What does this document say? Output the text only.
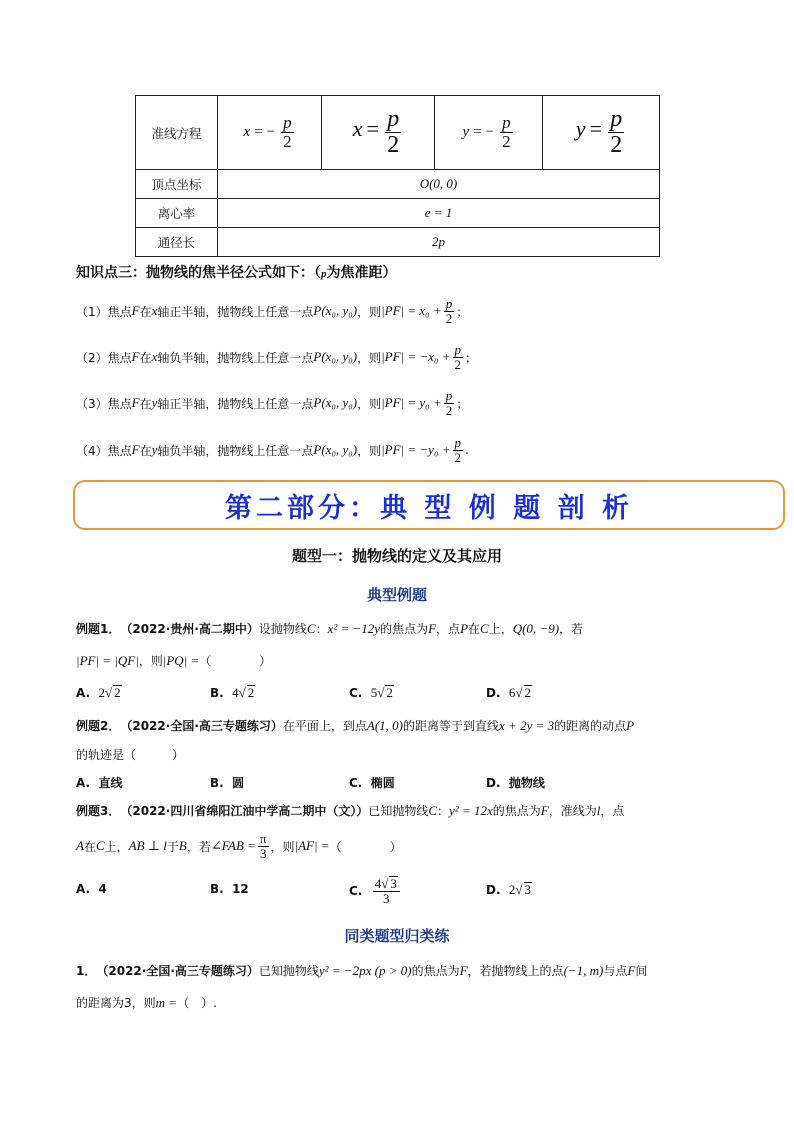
准线方程	x = − $\frac{p}{2}$	$x = \frac{p}{2}$	y = − $\frac{p}{2}$	$y = \frac{p}{2}$

顶点坐标	O(0, 0)			
离心率	e = 1			
通径长	2p			
知识点三：抛物线的焦半径公式如下：（p为焦准距）
（1）焦点 F 在 x 轴正半轴，抛物线上任意一点 P(x₀, y₀) ，则 $|PF| = x_0 + \frac{p}{2}$ ；
（2）焦点 F 在 x 轴负半轴，抛物线上任意一点 P(x₀, y₀) ，则 $|PF| = -x_0 + \frac{p}{2}$ ；
（3）焦点 F 在 y 轴正半轴，抛物线上任意一点 P(x₀, y₀) ，则 $|PF| = y_0 + \frac{p}{2}$ ；
（4）焦点 F 在 y 轴负半轴，抛物线上任意一点 P(x₀, y₀) ，则 $|PF| = -y_0 + \frac{p}{2}$ .
第二部分：典 型 例 题 剖 析
题型一：抛物线的定义及其应用
典型例题
例题1． （2022·贵州·高二期中） 设抛物线 C ： x² = −12y 的焦点为 F ，点 P 在 C 上， Q(0, −9) ，若
|PF| = |QF| ，则 |PQ| = （　　　　）
A.
2 √ 2	B.
4 √ 2	C.
5 √ 2	D.
6 √ 2
例题2． （2022·全国·高三专题练习） 在平面上，到点 A(1, 0) 的距离等于到直线 x + 2y = 3 的距离的动点 P
的轨迹是（　　　）
A.
直线	B.
圆	C.
椭圆	D.
抛物线
例题3． （2022·四川省绵阳江油中学高二期中（文）） 已知抛物线 C ： y² = 12x 的焦点为 F ，准线为 l ，点
A 在 C 上， AB ⊥ l 于 B ，若 ∠FAB = $\frac{\pi}{3}$ ，则 |AF| = （　　　　）
A.
4	B.
12	C.
$\frac{4√ 3}{3}$	D.
2 √ 3
同类题型归类练
1． （2022·全国·高三专题练习） 已知抛物线 y² = −2px (p > 0) 的焦点为 F ，若抛物线上的点 (−1, m) 与点 F 间
的距离为3，则 m = （　）.
